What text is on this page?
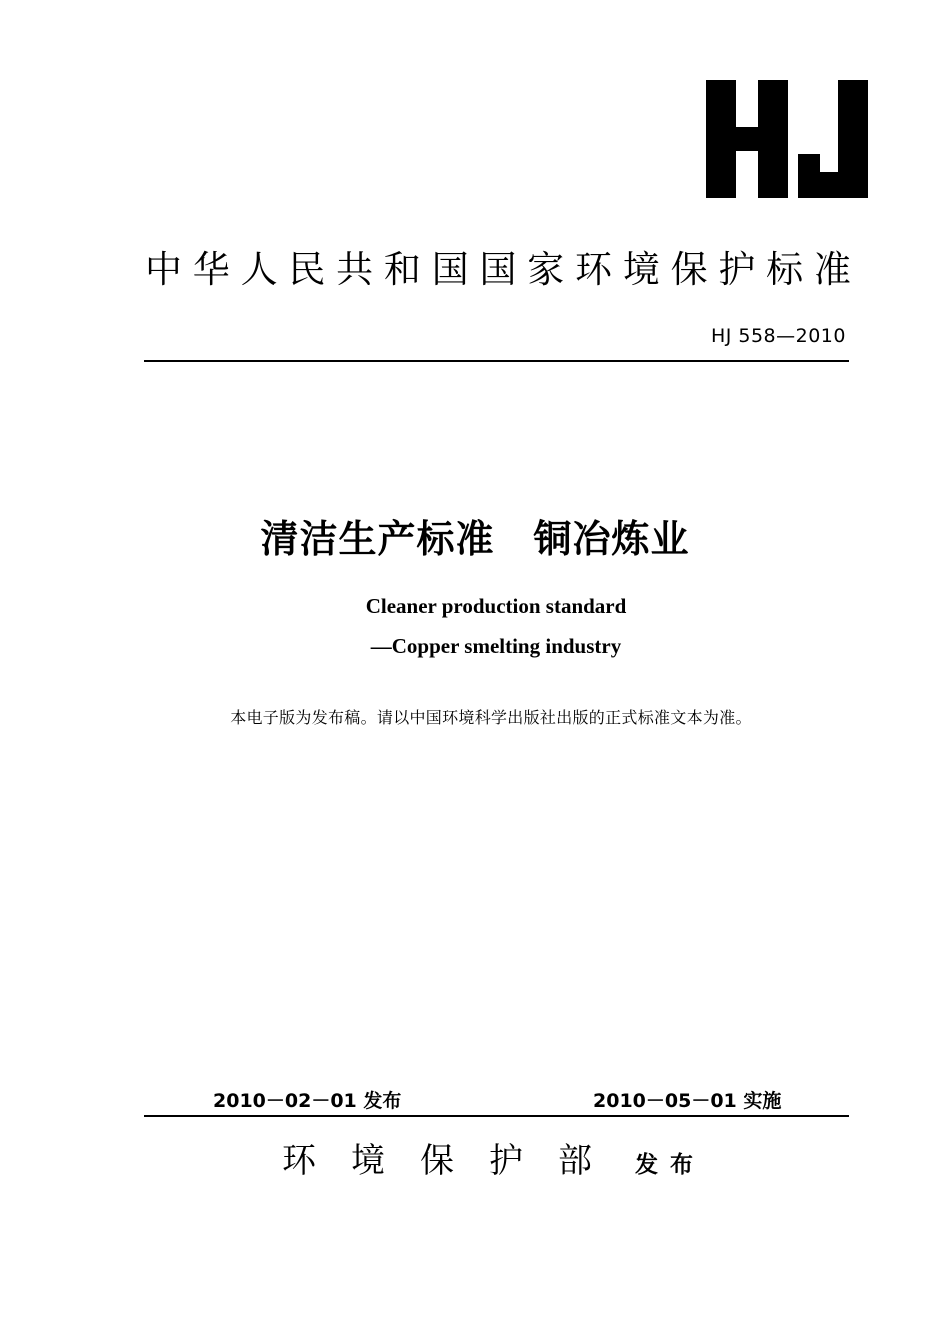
中 华 人 民 共 和 国 国 家 环 境 保 护 标 准
HJ 558—2010
清洁生产标准　铜冶炼业
Cleaner production standard
—Copper smelting industry
本电子版为发布稿。请以中国环境科学出版社出版的正式标准文本为准。
2010－02－01 发布	2010－05－01 实施
环境保护部 发布
